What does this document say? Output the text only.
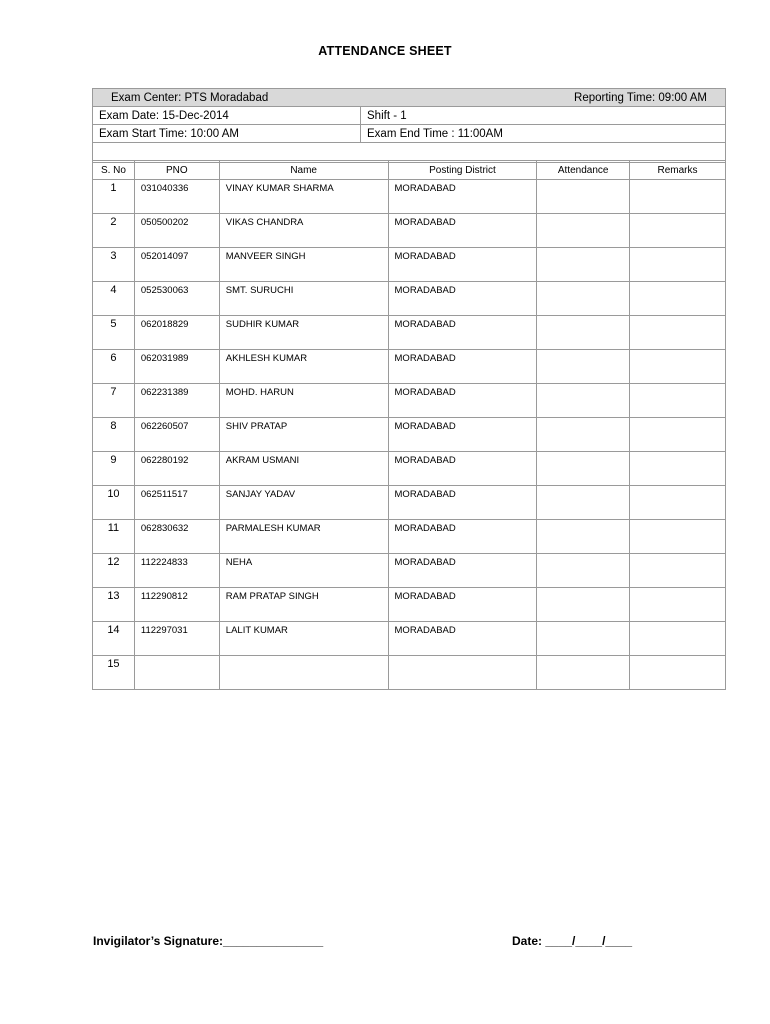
ATTENDANCE SHEET
Exam Center: PTS Moradabad Reporting Time: 09:00 AM	

Exam Date: 15-Dec-2014	Shift - 1
Exam Start Time: 10:00 AM	Exam End Time : 11:00AM

S. No	PNO	Name	Posting District	Attendance	Remarks
1	031040336	VINAY KUMAR SHARMA	MORADABAD		
2	050500202	VIKAS CHANDRA	MORADABAD		
3	052014097	MANVEER SINGH	MORADABAD		
4	052530063	SMT. SURUCHI	MORADABAD		
5	062018829	SUDHIR KUMAR	MORADABAD		
6	062031989	AKHLESH KUMAR	MORADABAD		
7	062231389	MOHD. HARUN	MORADABAD		
8	062260507	SHIV PRATAP	MORADABAD		
9	062280192	AKRAM USMANI	MORADABAD		
10	062511517	SANJAY YADAV	MORADABAD		
11	062830632	PARMALESH KUMAR	MORADABAD		
12	112224833	NEHA	MORADABAD		
13	112290812	RAM PRATAP SINGH	MORADABAD		
14	112297031	LALIT KUMAR	MORADABAD		
15					
Invigilator’s Signature:_______________	Date: ____/____/____
